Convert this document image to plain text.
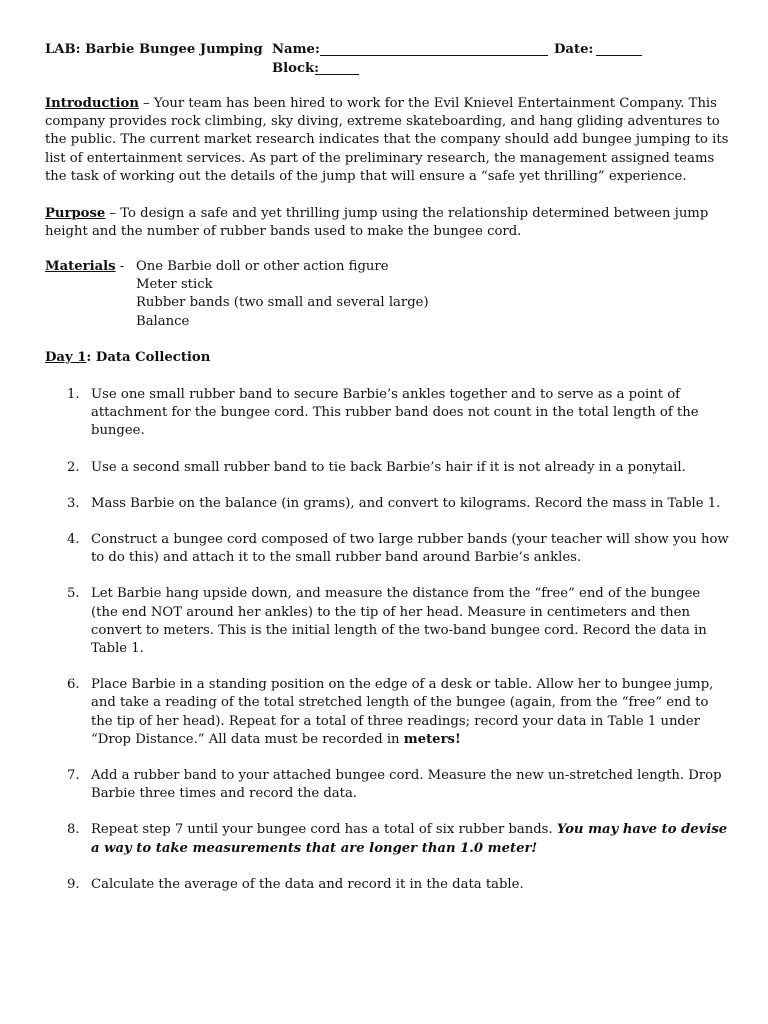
LAB: Barbie Bungee Jumping Name:	Date:
Block:
Introduction – Your team has been hired to work for the Evil Knievel Entertainment Company. This company provides rock climbing, sky diving, extreme skateboarding, and hang gliding adventures to the public. The current market research indicates that the company should add bungee jumping to its list of entertainment services. As part of the preliminary research, the management assigned teams the task of working out the details of the jump that will ensure a “safe yet thrilling” experience.
Purpose – To design a safe and yet thrilling jump using the relationship determined between jump height and the number of rubber bands used to make the bungee cord.
Materials - One Barbie doll or other action figure
Meter stick
Rubber bands (two small and several large)
Balance
Day 1: Data Collection
1. Use one small rubber band to secure Barbie’s ankles together and to serve as a point of attachment for the bungee cord. This rubber band does not count in the total length of the bungee.
2. Use a second small rubber band to tie back Barbie’s hair if it is not already in a ponytail.
3. Mass Barbie on the balance (in grams), and convert to kilograms. Record the mass in Table 1.
4. Construct a bungee cord composed of two large rubber bands (your teacher will show you how to do this) and attach it to the small rubber band around Barbie’s ankles.
5. Let Barbie hang upside down, and measure the distance from the “free” end of the bungee (the end NOT around her ankles) to the tip of her head. Measure in centimeters and then convert to meters. This is the initial length of the two-band bungee cord. Record the data in Table 1.
6. Place Barbie in a standing position on the edge of a desk or table. Allow her to bungee jump, and take a reading of the total stretched length of the bungee (again, from the “free” end to the tip of her head). Repeat for a total of three readings; record your data in Table 1 under “Drop Distance.” All data must be recorded in meters!
7. Add a rubber band to your attached bungee cord. Measure the new un-stretched length. Drop Barbie three times and record the data.
8. Repeat step 7 until your bungee cord has a total of six rubber bands. You may have to devise a way to take measurements that are longer than 1.0 meter!
9. Calculate the average of the data and record it in the data table.
